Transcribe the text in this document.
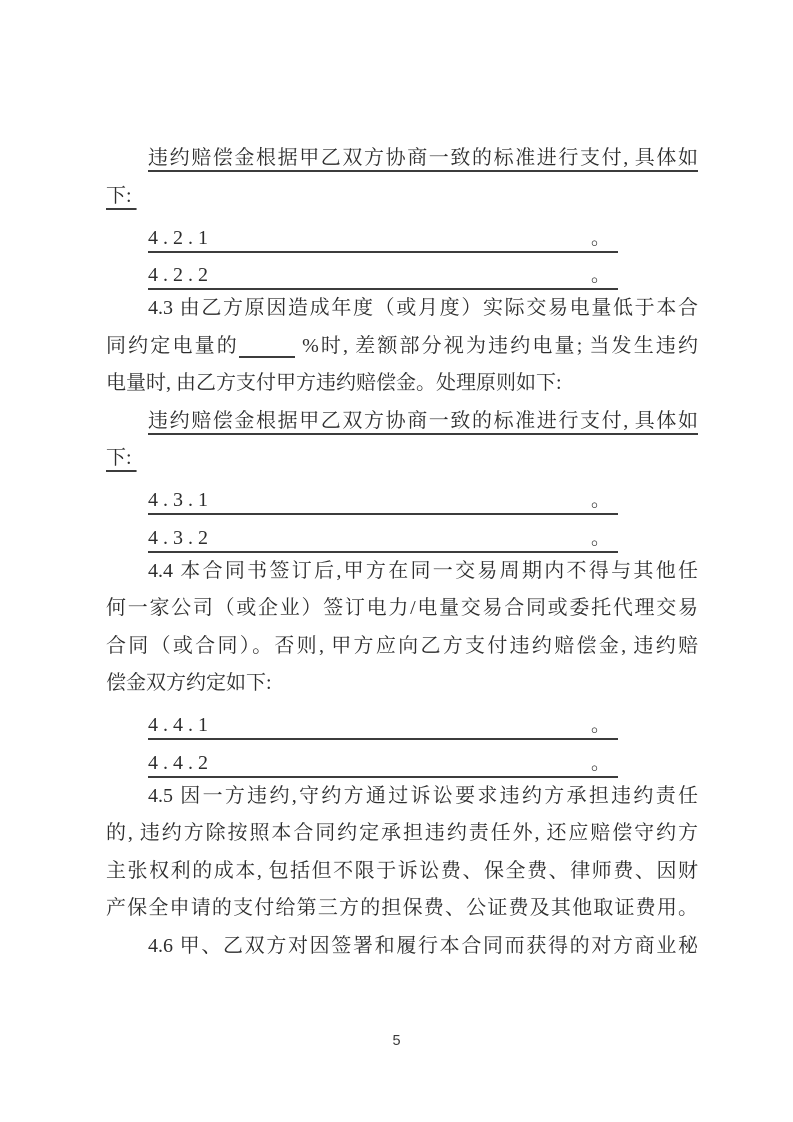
违约赔偿金根据甲乙双方协商一致的标准进行支付, 具体如
下:
4.2.1	。
4.2.2	。
4.3 由乙方原因造成年度（或月度）实际交易电量低于本合
同约定电量的	%时, 差额部分视为违约电量; 当发生违约
电量时, 由乙方支付甲方违约赔偿金。处理原则如下:
违约赔偿金根据甲乙双方协商一致的标准进行支付, 具体如
下:
4.3.1	。
4.3.2	。
4.4 本合同书签订后,甲方在同一交易周期内不得与其他任
何一家公司（或企业）签订电力/电量交易合同或委托代理交易
合同（或合同）。否则, 甲方应向乙方支付违约赔偿金, 违约赔
偿金双方约定如下:
4.4.1	。
4.4.2	。
4.5 因一方违约,守约方通过诉讼要求违约方承担违约责任
的, 违约方除按照本合同约定承担违约责任外, 还应赔偿守约方
主张权利的成本, 包括但不限于诉讼费、保全费、律师费、因财
产保全申请的支付给第三方的担保费、公证费及其他取证费用。
4.6 甲、乙双方对因签署和履行本合同而获得的对方商业秘
5
